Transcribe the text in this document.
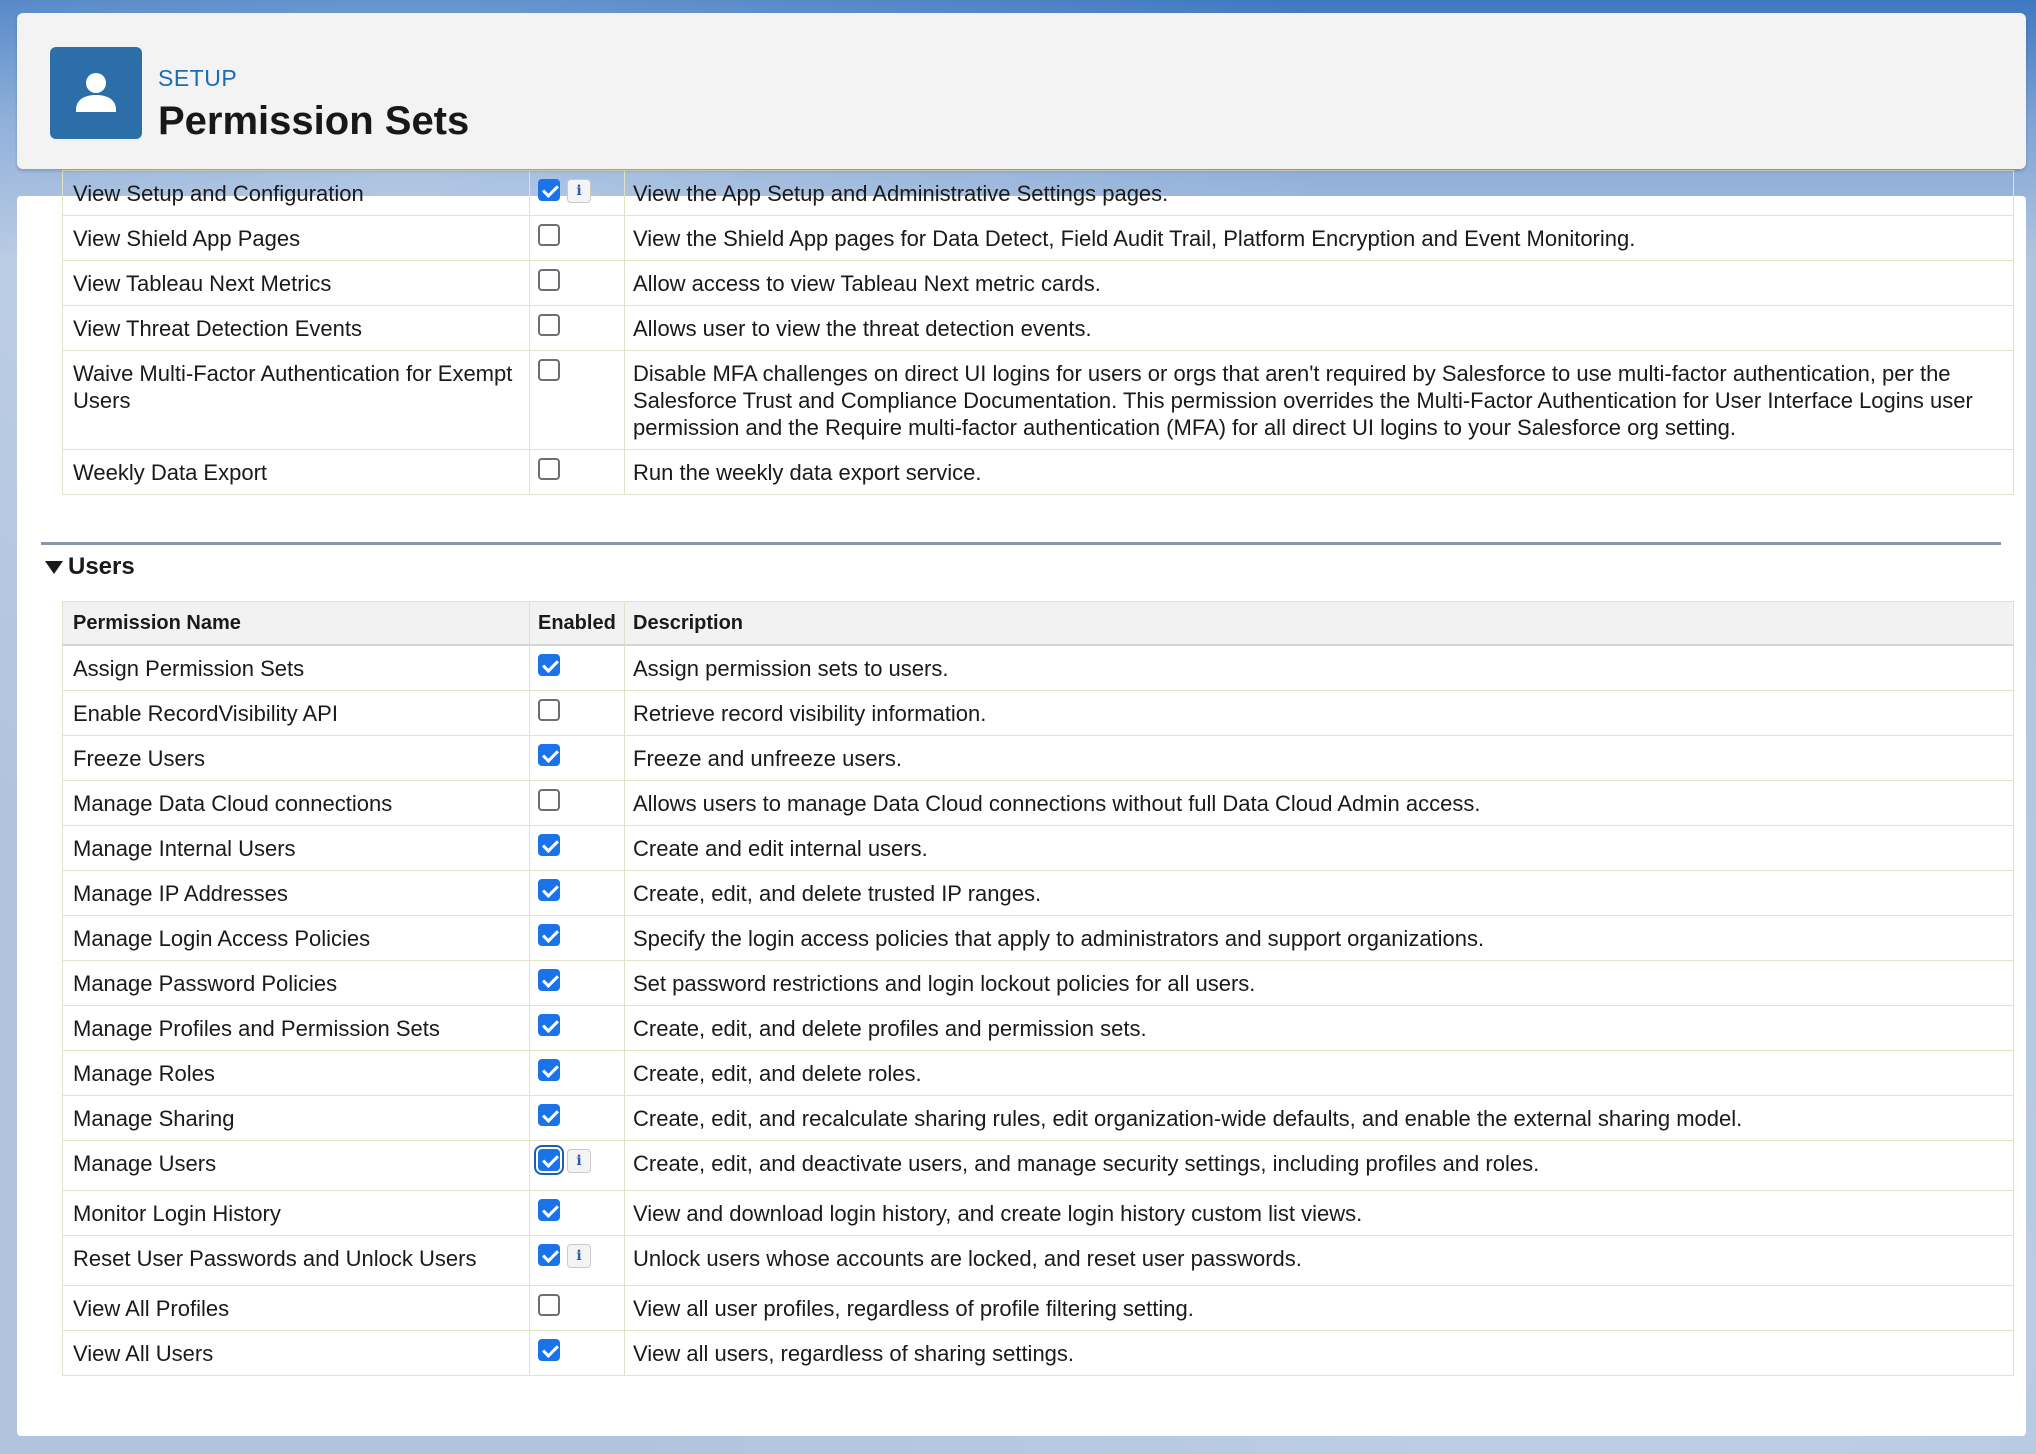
SETUP
Permission Sets
View Setup and Configuration	i	View the App Setup and Administrative Settings pages.
View Shield App Pages		View the Shield App pages for Data Detect, Field Audit Trail, Platform Encryption and Event Monitoring.
View Tableau Next Metrics		Allow access to view Tableau Next metric cards.
View Threat Detection Events		Allows user to view the threat detection events.
Waive Multi-Factor Authentication for Exempt Users		Disable MFA challenges on direct UI logins for users or orgs that aren't required by Salesforce to use multi-factor authentication, per the Salesforce Trust and Compliance Documentation. This permission overrides the Multi-Factor Authentication for User Interface Logins user permission and the Require multi-factor authentication (MFA) for all direct UI logins to your Salesforce org setting.
Weekly Data Export		Run the weekly data export service.
Users
Permission Name	Enabled	Description
Assign Permission Sets		Assign permission sets to users.
Enable RecordVisibility API		Retrieve record visibility information.
Freeze Users		Freeze and unfreeze users.
Manage Data Cloud connections		Allows users to manage Data Cloud connections without full Data Cloud Admin access.
Manage Internal Users		Create and edit internal users.
Manage IP Addresses		Create, edit, and delete trusted IP ranges.
Manage Login Access Policies		Specify the login access policies that apply to administrators and support organizations.
Manage Password Policies		Set password restrictions and login lockout policies for all users.
Manage Profiles and Permission Sets		Create, edit, and delete profiles and permission sets.
Manage Roles		Create, edit, and delete roles.
Manage Sharing		Create, edit, and recalculate sharing rules, edit organization-wide defaults, and enable the external sharing model.
Manage Users	i	Create, edit, and deactivate users, and manage security settings, including profiles and roles.
Monitor Login History		View and download login history, and create login history custom list views.
Reset User Passwords and Unlock Users	i	Unlock users whose accounts are locked, and reset user passwords.
View All Profiles		View all user profiles, regardless of profile filtering setting.
View All Users		View all users, regardless of sharing settings.
